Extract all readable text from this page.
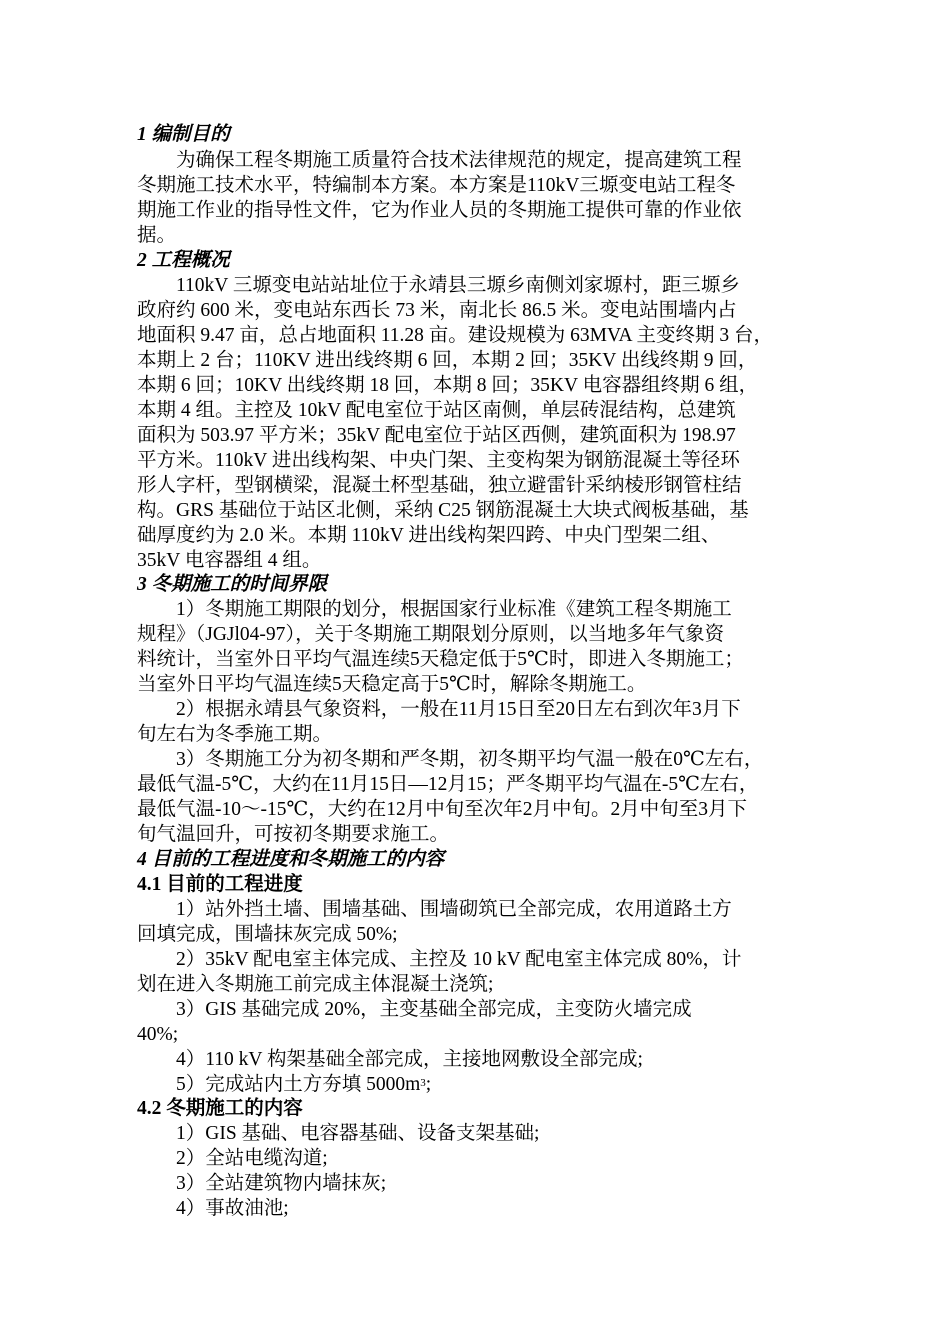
1 编制目的
为确保工程冬期施工质量符合技术法律规范的规定，提高建筑工程
冬期施工技术水平，特编制本方案。本方案是110kV三塬变电站工程冬
期施工作业的指导性文件，它为作业人员的冬期施工提供可靠的作业依
据。
2 工程概况
110kV 三塬变电站站址位于永靖县三塬乡南侧刘家塬村，距三塬乡
政府约 600 米，变电站东西长 73 米，南北长 86.5 米。变电站围墙内占
地面积 9.47 亩，总占地面积 11.28 亩。建设规模为 63MVA 主变终期 3 台，
本期上 2 台；110KV 进出线终期 6 回，本期 2 回；35KV 出线终期 9 回，
本期 6 回；10KV 出线终期 18 回，本期 8 回；35KV 电容器组终期 6 组，
本期 4 组。主控及 10kV 配电室位于站区南侧，单层砖混结构，总建筑
面积为 503.97 平方米；35kV 配电室位于站区西侧，建筑面积为 198.97
平方米。110kV 进出线构架、中央门架、主变构架为钢筋混凝土等径环
形人字杆，型钢横梁，混凝土杯型基础，独立避雷针采纳棱形钢管柱结
构。GRS 基础位于站区北侧，采纳 C25 钢筋混凝土大块式阀板基础，基
础厚度约为 2.0 米。本期 110kV 进出线构架四跨、中央门型架二组、
35kV 电容器组 4 组。
3 冬期施工的时间界限
1）冬期施工期限的划分，根据国家行业标准《建筑工程冬期施工
规程》（JGJl04-97），关于冬期施工期限划分原则，以当地多年气象资
料统计，当室外日平均气温连续5天稳定低于5℃时，即进入冬期施工；
当室外日平均气温连续5天稳定高于5℃时，解除冬期施工。
2）根据永靖县气象资料，一般在11月15日至20日左右到次年3月下
旬左右为冬季施工期。
3）冬期施工分为初冬期和严冬期，初冬期平均气温一般在0℃左右，
最低气温-5℃，大约在11月15日—12月15；严冬期平均气温在-5℃左右，
最低气温-10～-15℃，大约在12月中旬至次年2月中旬。2月中旬至3月下
旬气温回升，可按初冬期要求施工。
4 目前的工程进度和冬期施工的内容
4.1 目前的工程进度
1）站外挡土墙、围墙基础、围墙砌筑已全部完成，农用道路土方
回填完成，围墙抹灰完成 50%;
2）35kV 配电室主体完成、主控及 10 kV 配电室主体完成 80%，计
划在进入冬期施工前完成主体混凝土浇筑;
3）GIS 基础完成 20%，主变基础全部完成，主变防火墙完成
40%;
4）110 kV 构架基础全部完成，主接地网敷设全部完成;
5）完成站内土方夯填 $5000m^3$;
4.2 冬期施工的内容
1）GIS 基础、电容器基础、设备支架基础;
2）全站电缆沟道;
3）全站建筑物内墙抹灰;
4）事故油池;
